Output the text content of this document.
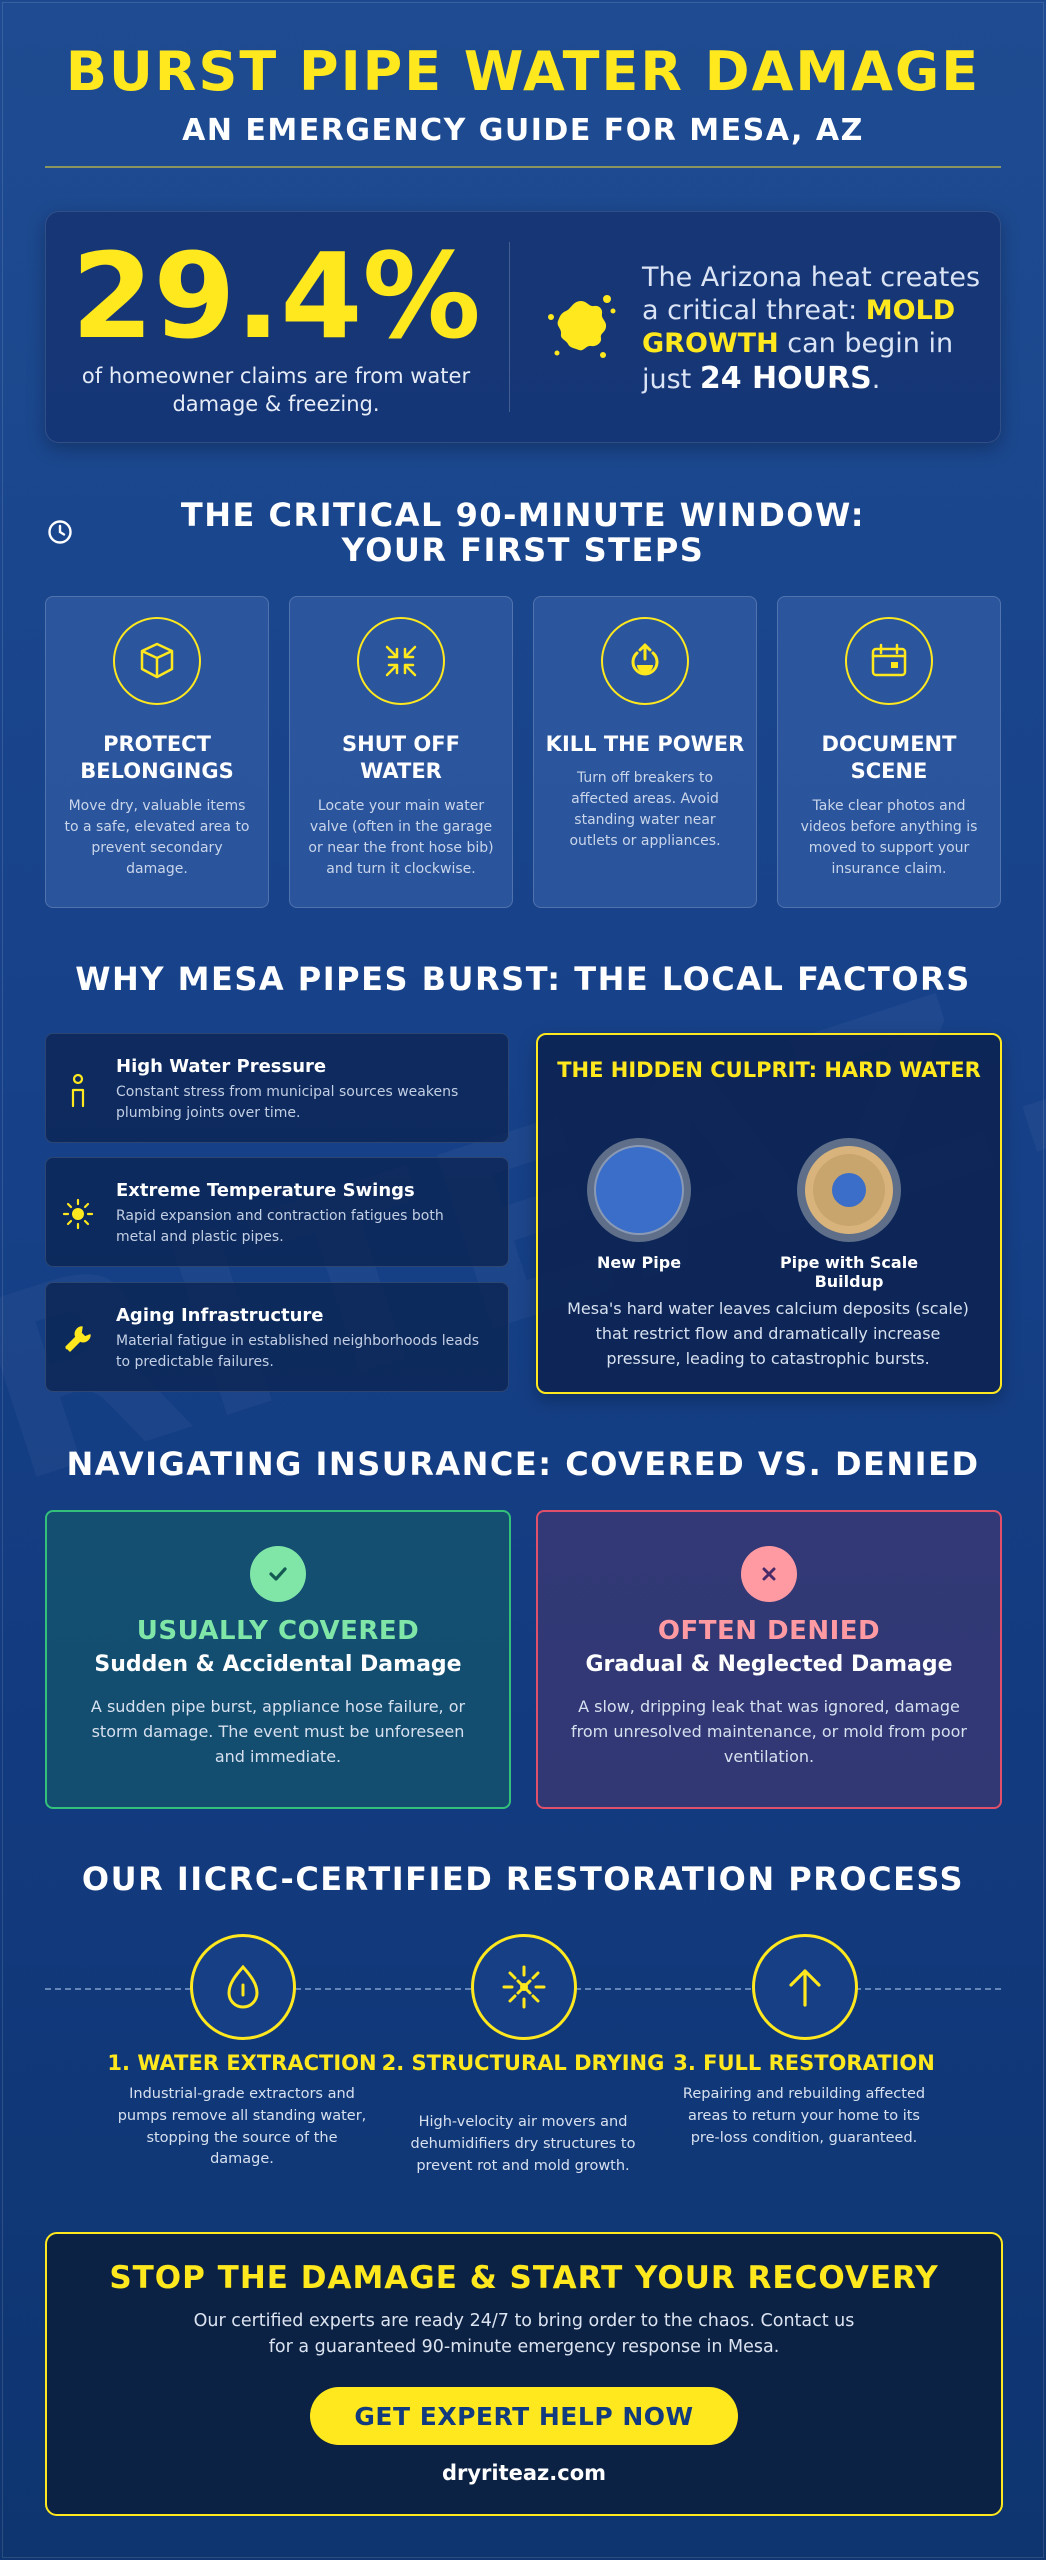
BURST PIPE WATER DAMAGE
AN EMERGENCY GUIDE FOR MESA, AZ
29.4%
of homeowner claims are from water damage & freezing.
The Arizona heat creates a critical threat: MOLD GROWTH can begin in just 24 HOURS.
THE CRITICAL 90-MINUTE WINDOW: YOUR FIRST STEPS
PROTECT BELONGINGS
Move dry, valuable items to a safe, elevated area to prevent secondary damage.
SHUT OFF WATER
Locate your main water valve (often in the garage or near the front hose bib) and turn it clockwise.
KILL THE POWER
Turn off breakers to affected areas. Avoid standing water near outlets or appliances.
DOCUMENT SCENE
Take clear photos and videos before anything is moved to support your insurance claim.
WHY MESA PIPES BURST: THE LOCAL FACTORS
High Water Pressure
Constant stress from municipal sources weakens plumbing joints over time.
Extreme Temperature Swings
Rapid expansion and contraction fatigues both metal and plastic pipes.
Aging Infrastructure
Material fatigue in established neighborhoods leads to predictable failures.
THE HIDDEN CULPRIT: HARD WATER
New Pipe	Pipe with Scale Buildup
Mesa's hard water leaves calcium deposits (scale) that restrict flow and dramatically increase pressure, leading to catastrophic bursts.
NAVIGATING INSURANCE: COVERED VS. DENIED
USUALLY COVERED
Sudden & Accidental Damage
A sudden pipe burst, appliance hose failure, or storm damage. The event must be unforeseen and immediate.
OFTEN DENIED
Gradual & Neglected Damage
A slow, dripping leak that was ignored, damage from unresolved maintenance, or mold from poor ventilation.
OUR IICRC-CERTIFIED RESTORATION PROCESS
1. WATER EXTRACTION
Industrial-grade extractors and pumps remove all standing water, stopping the source of the damage.
2. STRUCTURAL DRYING
High-velocity air movers and dehumidifiers dry structures to prevent rot and mold growth.
3. FULL RESTORATION
Repairing and rebuilding affected areas to return your home to its pre-loss condition, guaranteed.
STOP THE DAMAGE & START YOUR RECOVERY
Our certified experts are ready 24/7 to bring order to the chaos. Contact us for a guaranteed 90-minute emergency response in Mesa.
GET EXPERT HELP NOW
dryriteaz.com
